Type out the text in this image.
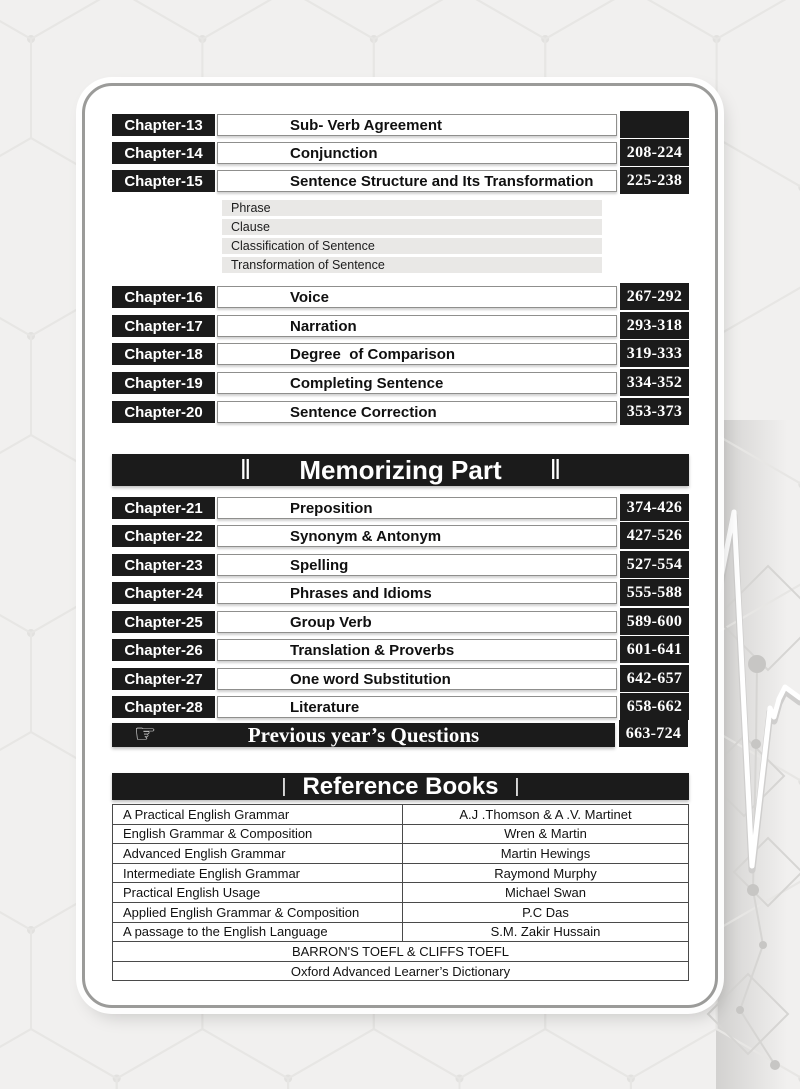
Chapter-13	Sub- Verb Agreement
Chapter-14	Conjunction	208-224
Chapter-15	Sentence Structure and Its Transformation	225-238
Phrase
Clause
Classification of Sentence
Transformation of Sentence
Chapter-16	Voice	267-292
Chapter-17	Narration	293-318
Chapter-18	Degree  of Comparison	319-333
Chapter-19	Completing Sentence	334-352
Chapter-20	Sentence Correction	353-373
‖ Memorizing Part ‖
Chapter-21	Preposition	374-426
Chapter-22	Synonym & Antonym	427-526
Chapter-23	Spelling	527-554
Chapter-24	Phrases and Idioms	555-588
Chapter-25	Group Verb	589-600
Chapter-26	Translation & Proverbs	601-641
Chapter-27	One word Substitution	642-657
Chapter-28	Literature	658-662
☞	Previous year’s Questions	663-724
| Reference Books |
A Practical English Grammar	A.J .Thomson & A .V. Martinet
English Grammar & Composition	Wren & Martin
Advanced English Grammar	Martin Hewings
Intermediate English Grammar	Raymond Murphy
Practical English Usage	Michael Swan
Applied English Grammar & Composition	P.C Das
A passage to the English Language	S.M. Zakir Hussain
BARRON'S TOEFL & CLIFFS TOEFL
Oxford Advanced Learner’s Dictionary
